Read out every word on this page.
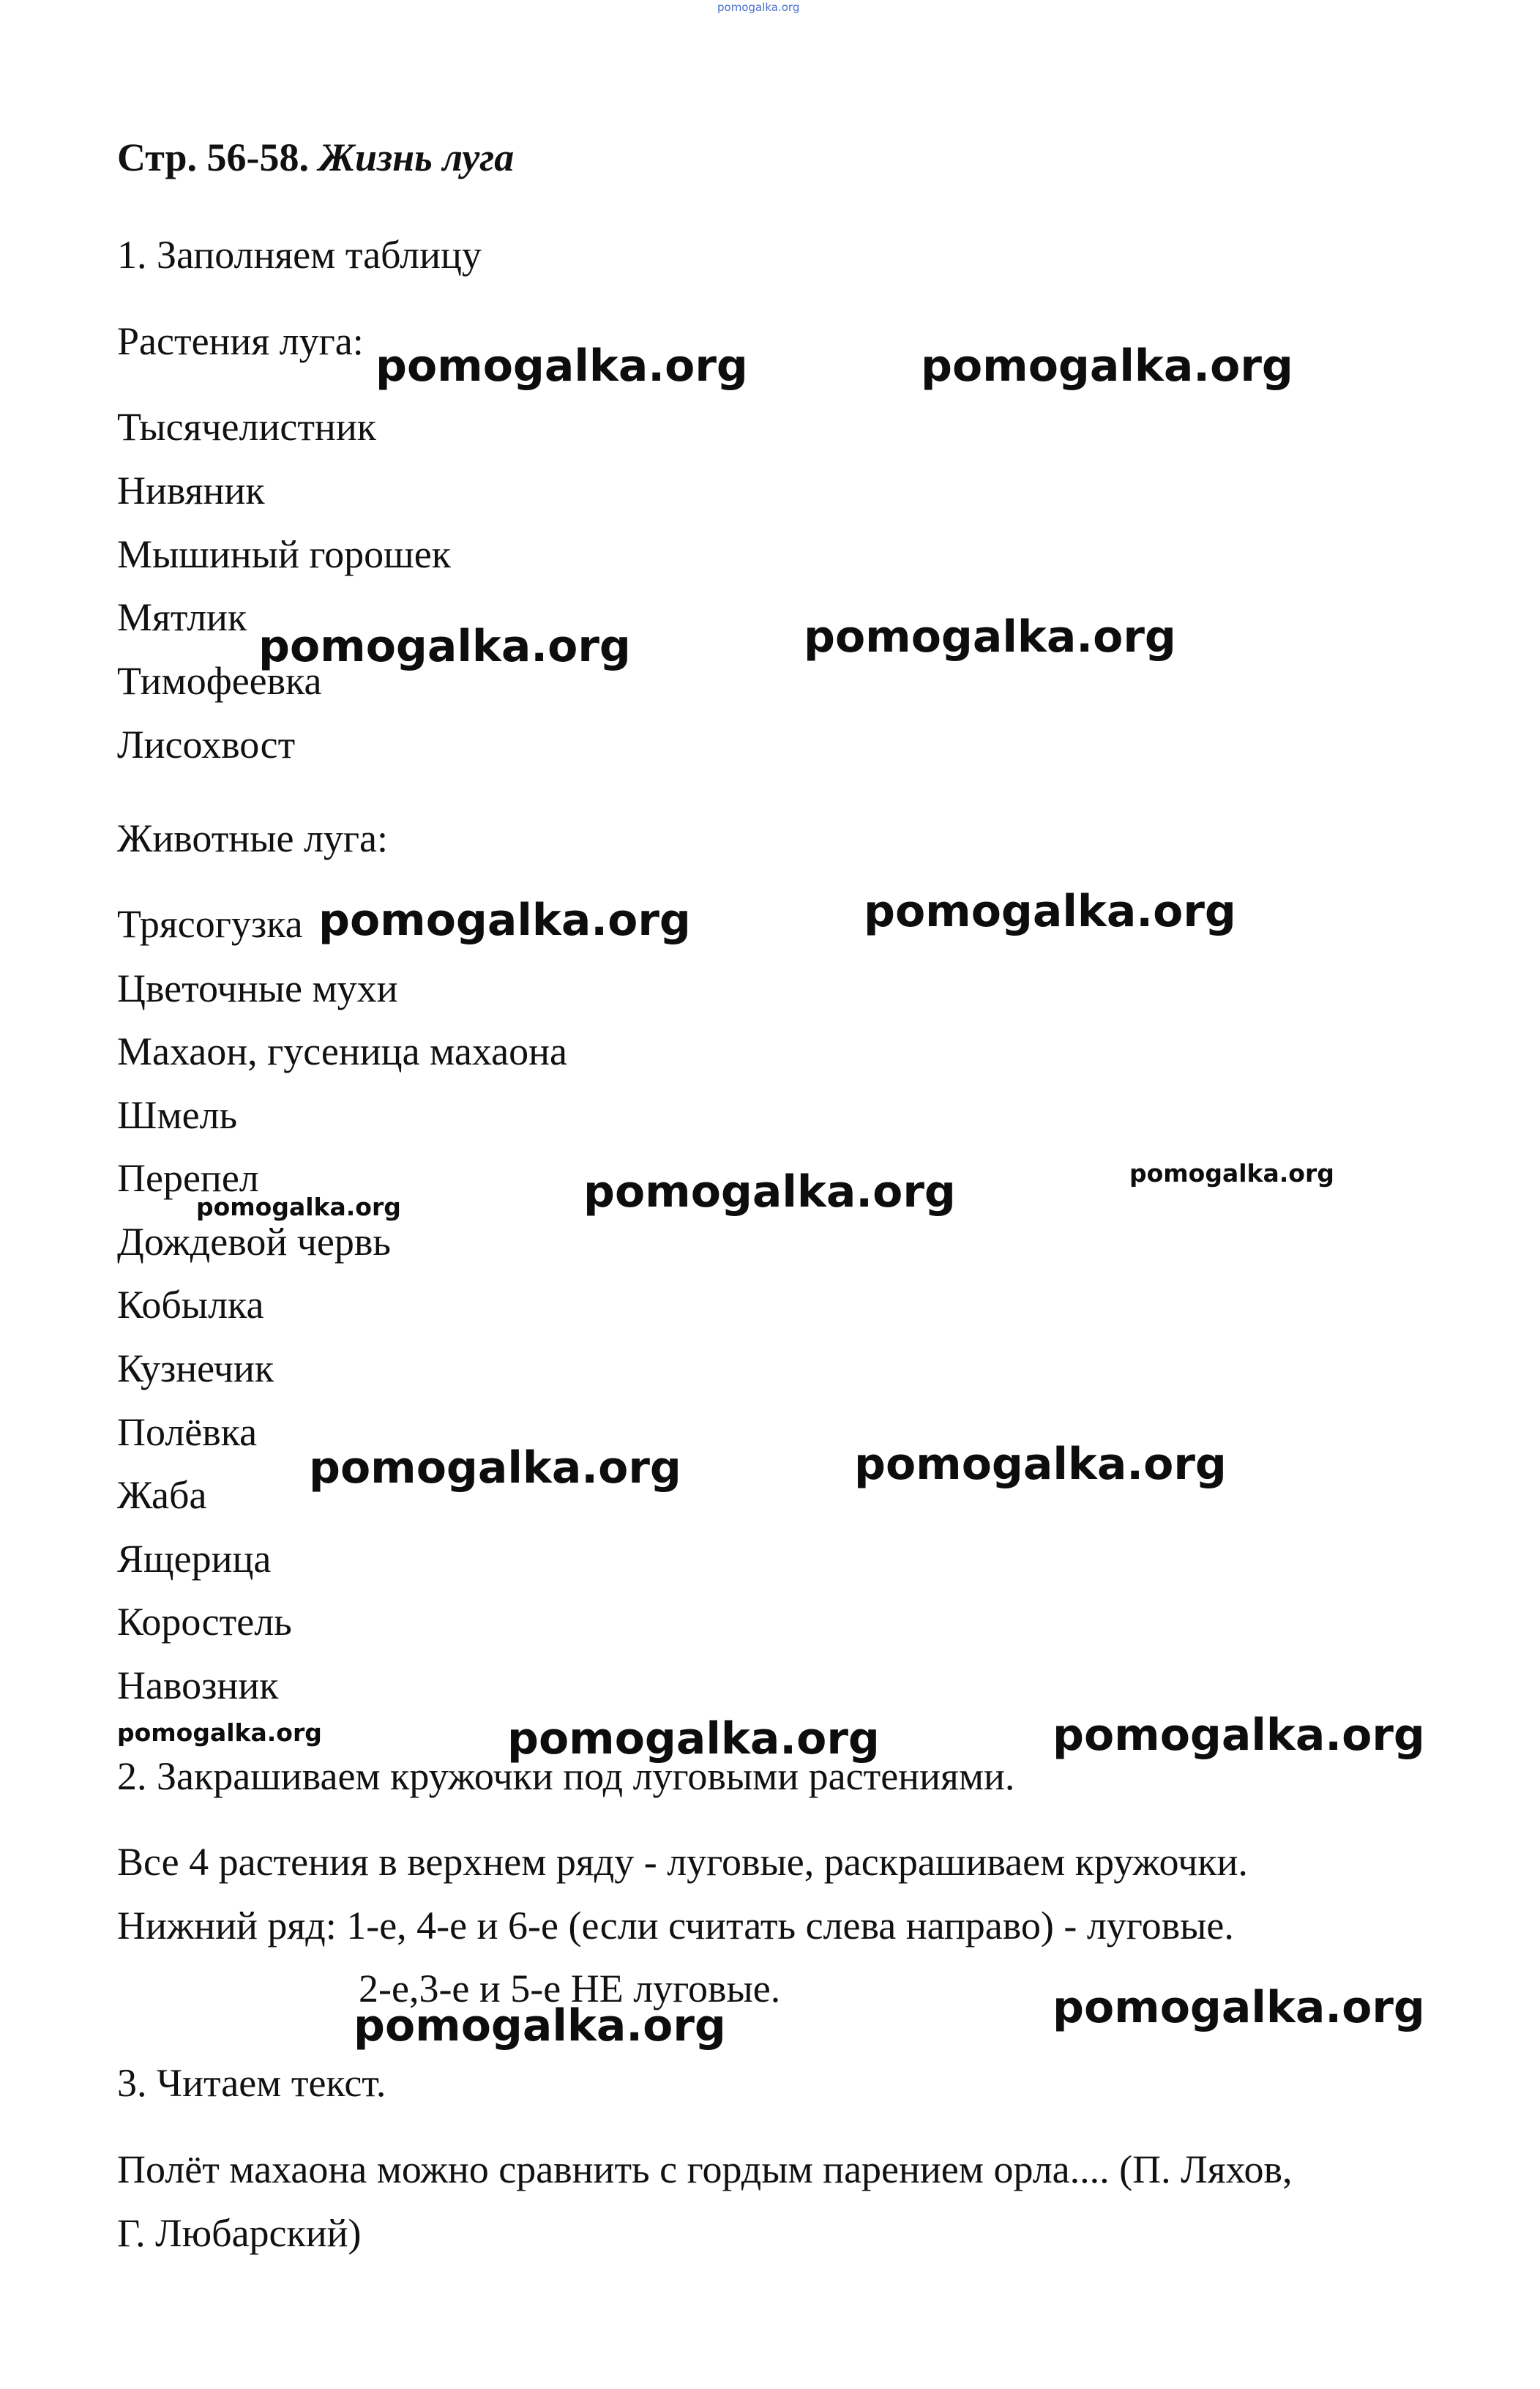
pomogalka.org
Стр. 56-58. Жизнь луга
1. Заполняем таблицу
Растения луга:
Тысячелистник
Нивяник
Мышиный горошек
Мятлик
Тимофеевка
Лисохвост
Животные луга:
Трясогузка
Цветочные мухи
Махаон, гусеница махаона
Шмель
Перепел
Дождевой червь
Кобылка
Кузнечик
Полёвка
Жаба
Ящерица
Коростель
Навозник
2. Закрашиваем кружочки под луговыми растениями.
Все 4 растения в верхнем ряду - луговые, раскрашиваем кружочки.
Нижний ряд: 1-е, 4-е и 6-е (если считать слева направо) - луговые.
2-е,3-е и 5-е НЕ луговые.
3. Читаем текст.
Полёт махаона можно сравнить с гордым парением орла.... (П. Ляхов,
Г. Любарский)
pomogalka.org	pomogalka.org
pomogalka.org	pomogalka.org
pomogalka.org	pomogalka.org
pomogalka.org
pomogalka.org
pomogalka.org
pomogalka.org	pomogalka.org
pomogalka.org	pomogalka.org	pomogalka.org
pomogalka.org
pomogalka.org
